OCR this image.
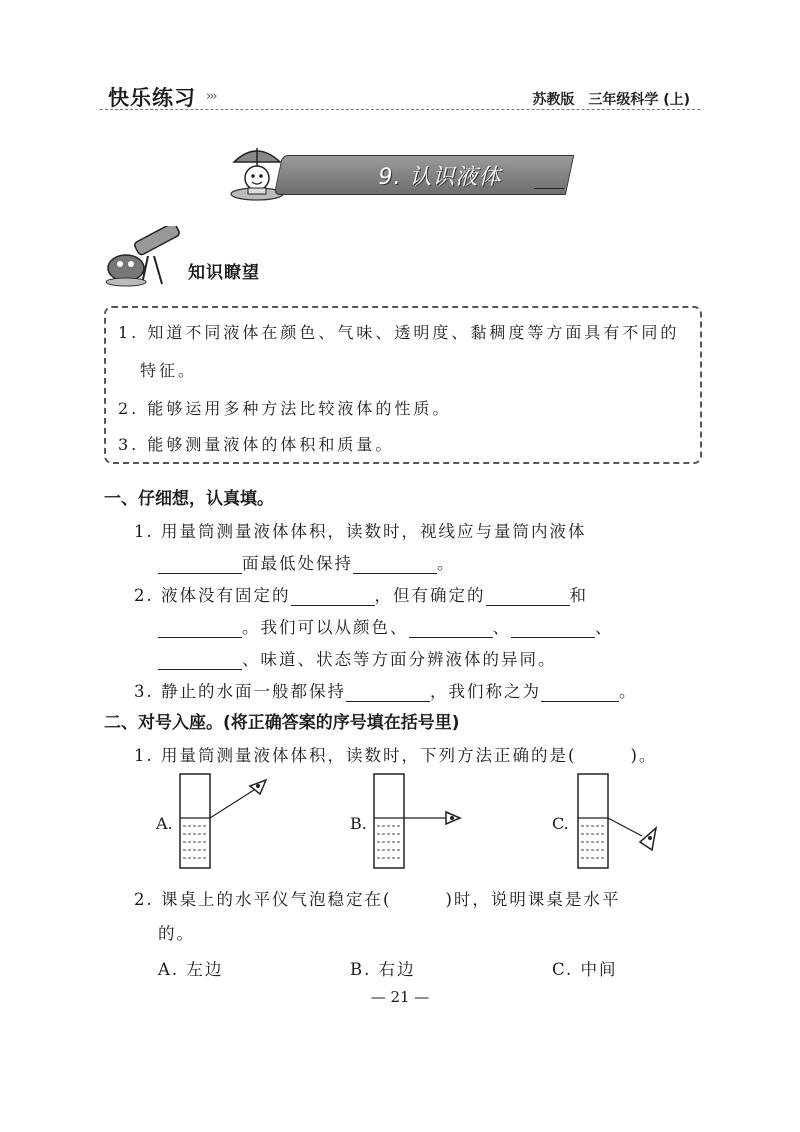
快乐练习 ›››	苏教版 三年级科学 (上)
9. 认识液体
知识瞭望
1. 知道不同液体在颜色、气味、透明度、黏稠度等方面具有不同的
特征。
2. 能够运用多种方法比较液体的性质。
3. 能够测量液体的体积和质量。
一、仔细想，认真填。
1. 用量筒测量液体体积，读数时，视线应与量筒内液体
面最低处保持	。
2. 液体没有固定的	，但有确定的	和
。我们可以从颜色、	、	、
、味道、状态等方面分辨液体的异同。
3. 静止的水面一般都保持	，我们称之为	。
二、对号入座。(将正确答案的序号填在括号里)
1. 用量筒测量液体体积，读数时，下列方法正确的是(	)。
A.	B.	C.
2. 课桌上的水平仪气泡稳定在(	)时，说明课桌是水平
的。
A. 左边	B. 右边	C. 中间
— 21 —
